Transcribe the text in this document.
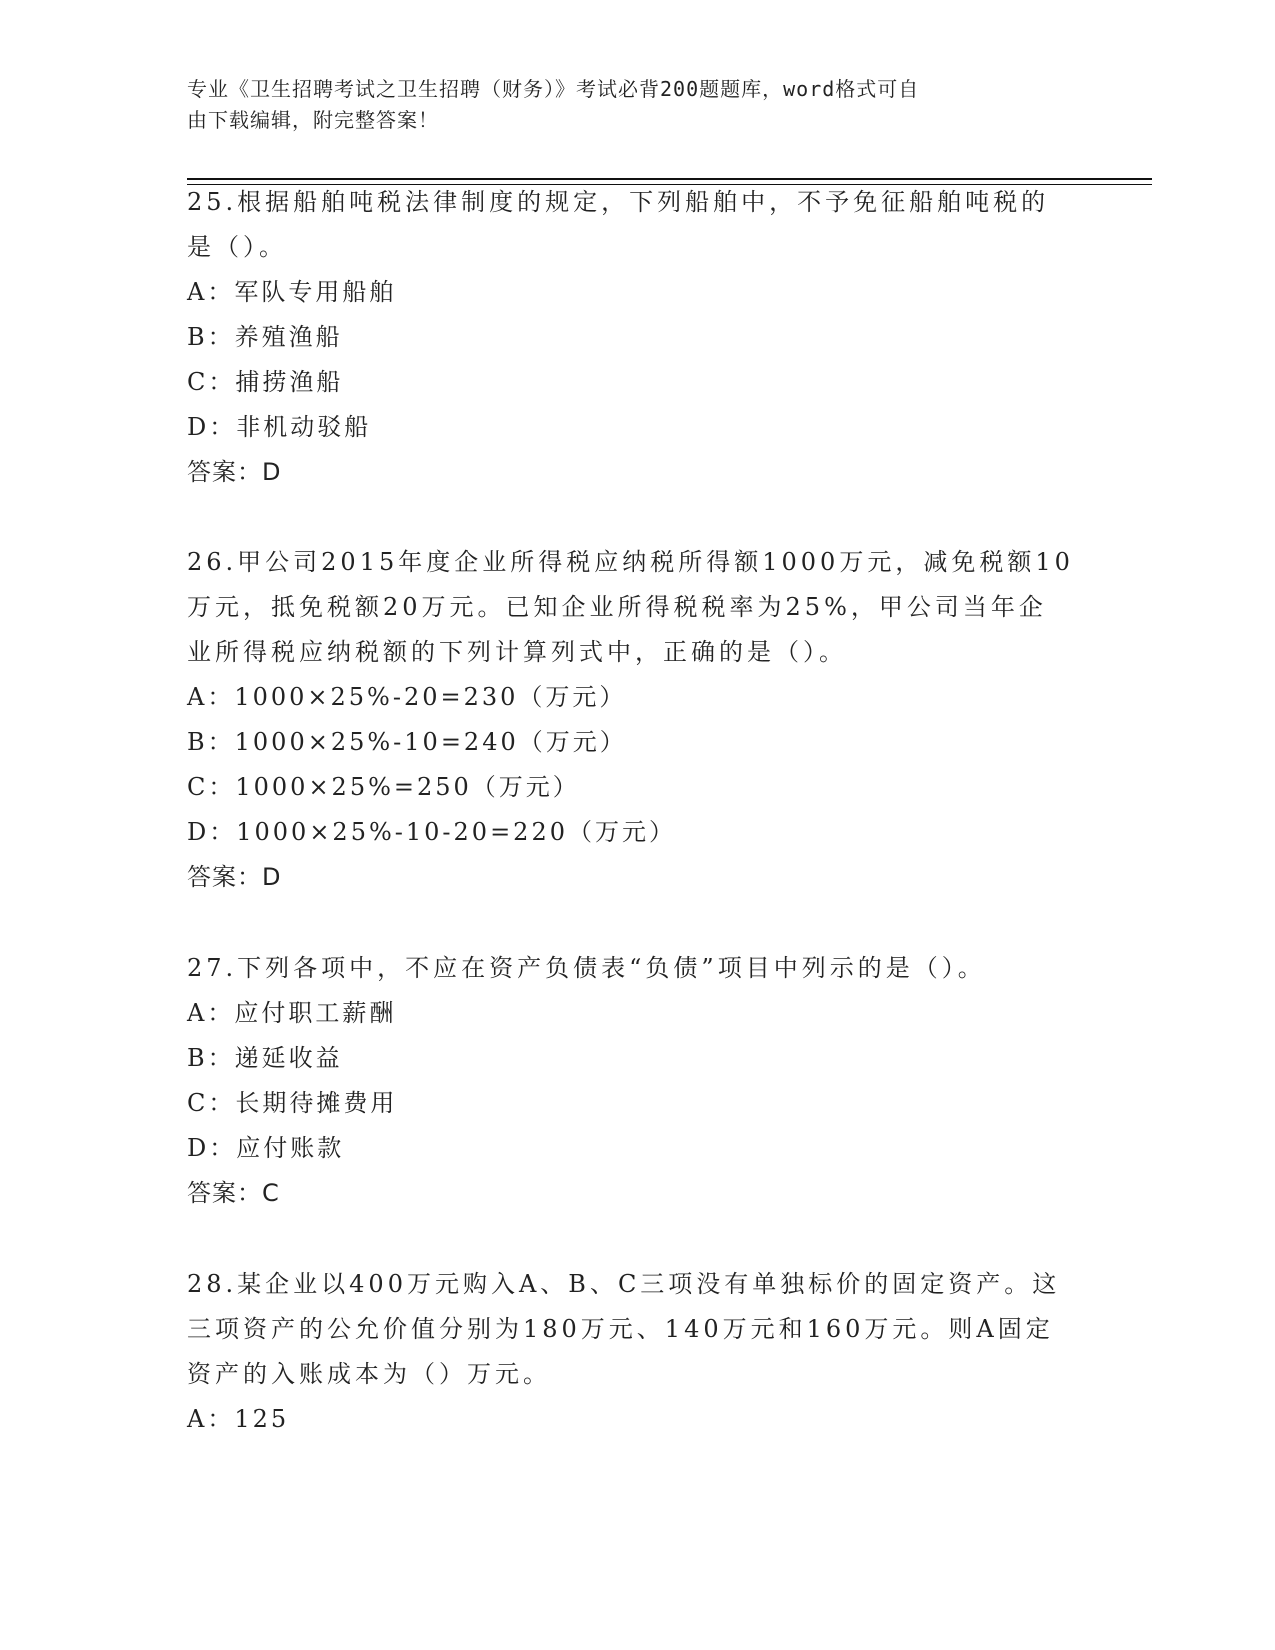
专业《卫生招聘考试之卫生招聘（财务）》考试必背200题题库，word格式可自
由下载编辑，附完整答案！

25.根据船舶吨税法律制度的规定，下列船舶中，不予免征船舶吨税的

是（）。

A：军队专用船舶

B：养殖渔船

C：捕捞渔船

D：非机动驳船

答案：D

26.甲公司2015年度企业所得税应纳税所得额1000万元，减免税额10

万元，抵免税额20万元。已知企业所得税税率为25%，甲公司当年企

业所得税应纳税额的下列计算列式中，正确的是（）。

A：1000×25%-20=230（万元）

B：1000×25%-10=240（万元）

C：1000×25%=250（万元）

D：1000×25%-10-20=220（万元）

答案：D

27.下列各项中，不应在资产负债表“负债”项目中列示的是（）。

A：应付职工薪酬

B：递延收益

C：长期待摊费用

D：应付账款

答案：C

28.某企业以400万元购入A、B、C三项没有单独标价的固定资产。这

三项资产的公允价值分别为180万元、140万元和160万元。则A固定

资产的入账成本为（）万元。

A：125
